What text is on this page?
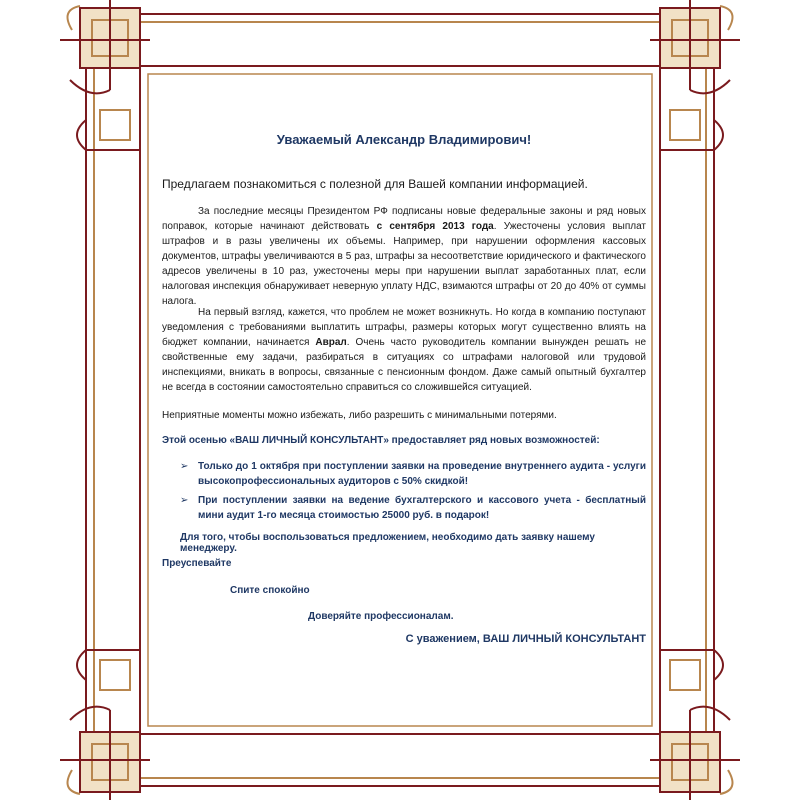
Уважаемый Александр Владимирович!
Предлагаем познакомиться с полезной для Вашей компании информацией.
За последние месяцы Президентом РФ подписаны новые федеральные законы и ряд новых поправок, которые начинают действовать с сентября 2013 года. Ужесточены условия выплат штрафов и в разы увеличены их объемы. Например, при нарушении оформления кассовых документов, штрафы увеличиваются в 5 раз, штрафы за несоответствие юридического и фактического адресов увеличены в 10 раз, ужесточены меры при нарушении выплат заработанных плат, если налоговая инспекция обнаруживает неверную уплату НДС, взимаются штрафы от 20 до 40% от суммы налога.
На первый взгляд, кажется, что проблем не может возникнуть. Но когда в компанию поступают уведомления с требованиями выплатить штрафы, размеры которых могут существенно влиять на бюджет компании, начинается Аврал. Очень часто руководитель компании вынужден решать не свойственные ему задачи, разбираться в ситуациях со штрафами налоговой или трудовой инспекциями, вникать в вопросы, связанные с пенсионным фондом. Даже самый опытный бухгалтер не всегда в состоянии самостоятельно справиться со сложившейся ситуацией.
Неприятные моменты можно избежать, либо разрешить с минимальными потерями.
Этой осенью «ВАШ ЛИЧНЫЙ КОНСУЛЬТАНТ» предоставляет ряд новых возможностей:
➢ Только до 1 октября при поступлении заявки на проведение внутреннего аудита - услуги высокопрофессиональных аудиторов с 50% скидкой!
➢ При поступлении заявки на ведение бухгалтерского и кассового учета - бесплатный мини аудит 1-го месяца стоимостью 25000 руб. в подарок!
Для того, чтобы воспользоваться предложением, необходимо дать заявку нашему менеджеру.
Преуспевайте
Спите спокойно
Доверяйте профессионалам.
С уважением, ВАШ ЛИЧНЫЙ КОНСУЛЬТАНТ
